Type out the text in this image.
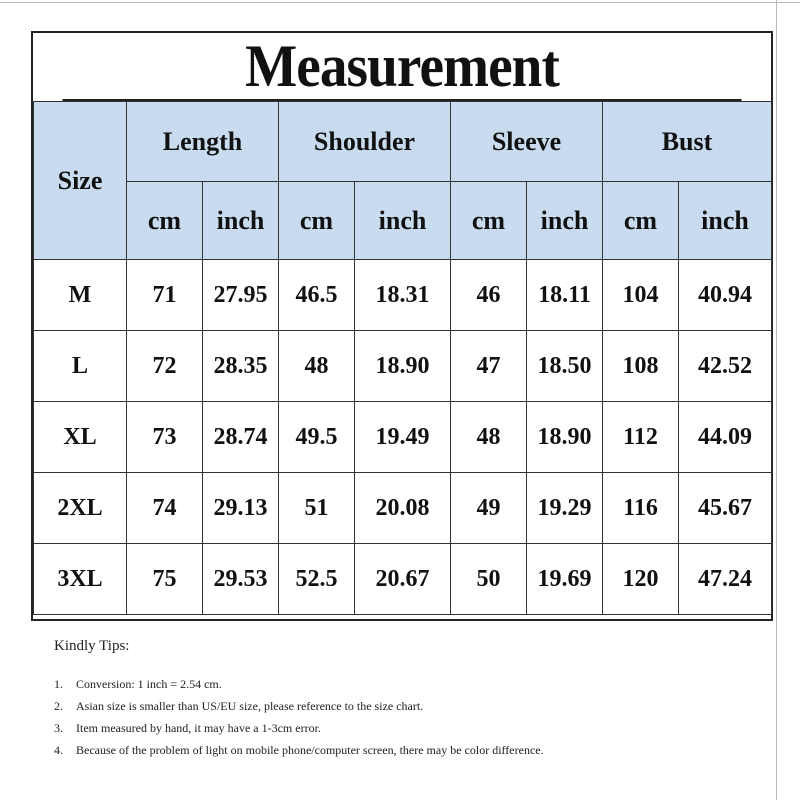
Measurement
Size	Length		Shoulder		Sleeve		Bust	
	cm	inch	cm	inch	cm	inch	cm	inch
M	71	27.95	46.5	18.31	46	18.11	104	40.94
L	72	28.35	48	18.90	47	18.50	108	42.52
XL	73	28.74	49.5	19.49	48	18.90	112	44.09
2XL	74	29.13	51	20.08	49	19.29	116	45.67
3XL	75	29.53	52.5	20.67	50	19.69	120	47.24
Kindly Tips:
1.	Conversion: 1 inch = 2.54 cm.
2.	Asian size is smaller than US/EU size, please reference to the size chart.
3.	Item measured by hand, it may have a 1-3cm error.
4.	Because of the problem of light on mobile phone/computer screen, there may be color difference.
